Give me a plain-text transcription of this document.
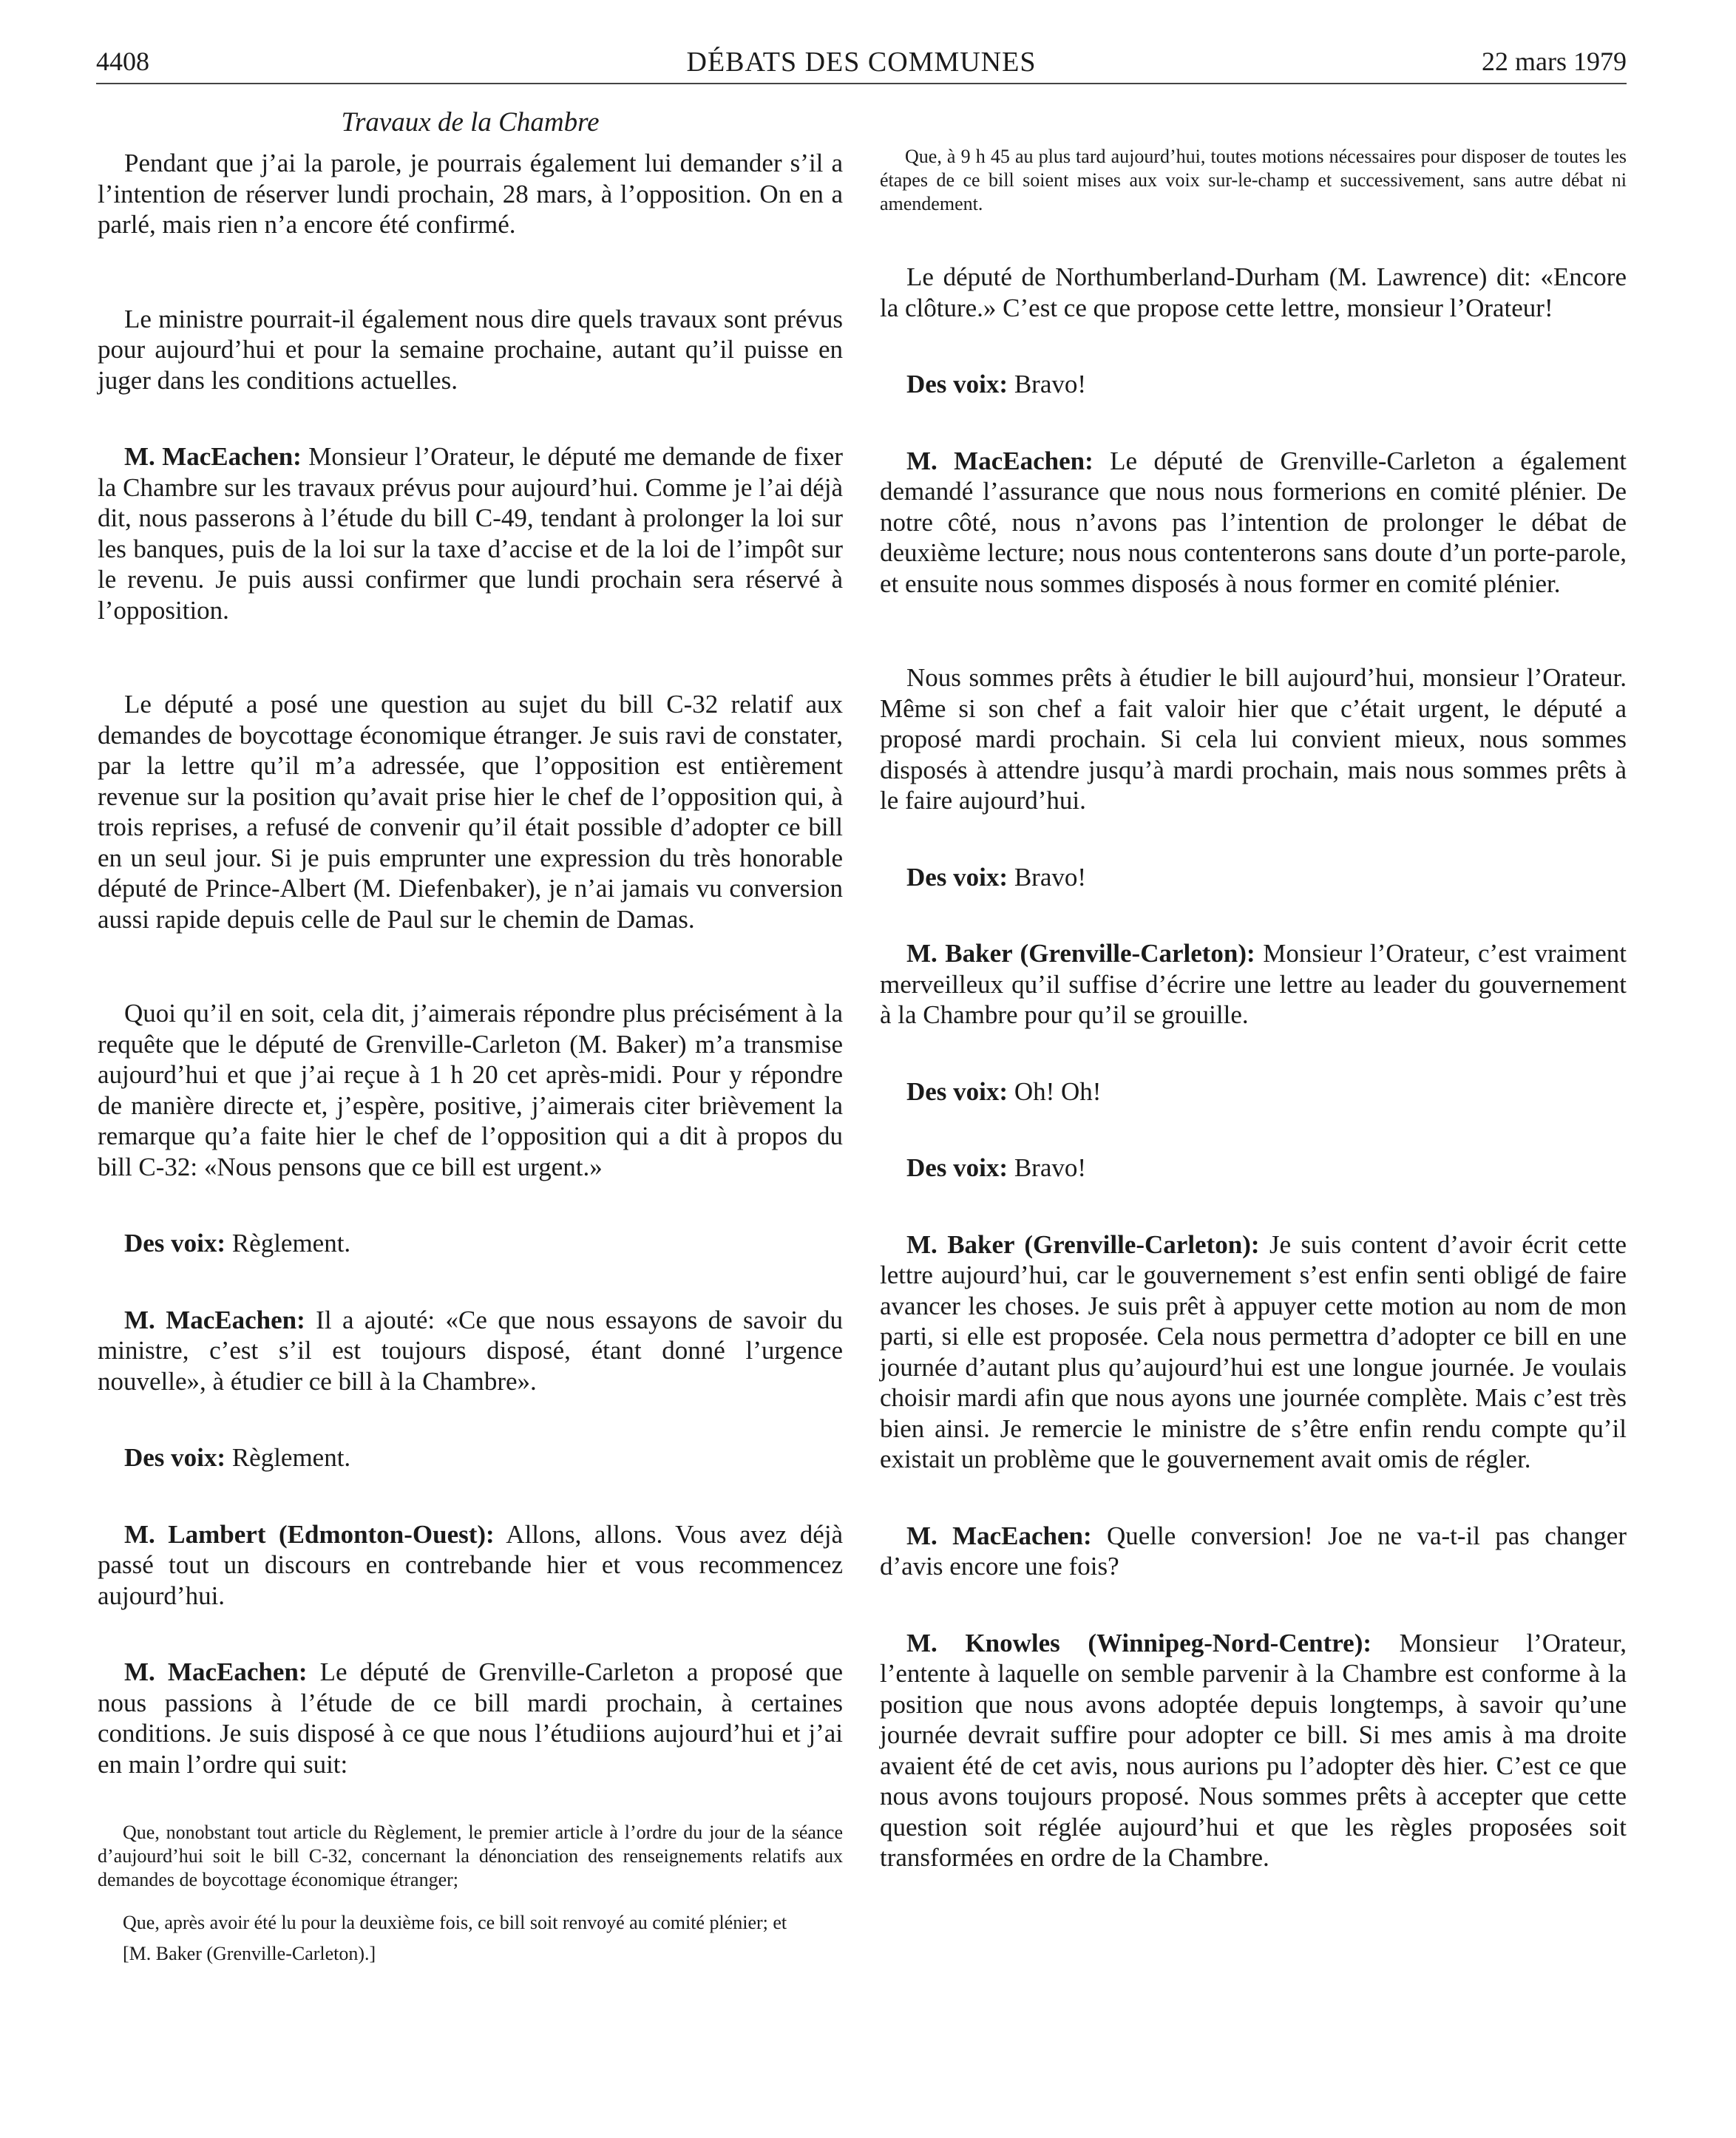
4408	DÉBATS DES COMMUNES	22 mars 1979
Travaux de la Chambre

Pendant que j’ai la parole, je pourrais également lui demander s’il a l’intention de réserver lundi prochain, 28 mars, à l’opposition. On en a parlé, mais rien n’a encore été confirmé.

Le ministre pourrait-il également nous dire quels travaux sont prévus pour aujourd’hui et pour la semaine prochaine, autant qu’il puisse en juger dans les conditions actuelles.

M. MacEachen: Monsieur l’Orateur, le député me demande de fixer la Chambre sur les travaux prévus pour aujourd’hui. Comme je l’ai déjà dit, nous passerons à l’étude du bill C-49, tendant à prolonger la loi sur les banques, puis de la loi sur la taxe d’accise et de la loi de l’impôt sur le revenu. Je puis aussi confirmer que lundi prochain sera réservé à l’opposition.

Le député a posé une question au sujet du bill C-32 relatif aux demandes de boycottage économique étranger. Je suis ravi de constater, par la lettre qu’il m’a adressée, que l’opposition est entièrement revenue sur la position qu’avait prise hier le chef de l’opposition qui, à trois reprises, a refusé de convenir qu’il était possible d’adopter ce bill en un seul jour. Si je puis emprunter une expression du très honorable député de Prince-Albert (M. Diefenbaker), je n’ai jamais vu conversion aussi rapide depuis celle de Paul sur le chemin de Damas.

Quoi qu’il en soit, cela dit, j’aimerais répondre plus précisément à la requête que le député de Grenville-Carleton (M. Baker) m’a transmise aujourd’hui et que j’ai reçue à 1 h 20 cet après-midi. Pour y répondre de manière directe et, j’espère, positive, j’aimerais citer brièvement la remarque qu’a faite hier le chef de l’opposition qui a dit à propos du bill C-32: «Nous pensons que ce bill est urgent.»

Des voix: Règlement.

M. MacEachen: Il a ajouté: «Ce que nous essayons de savoir du ministre, c’est s’il est toujours disposé, étant donné l’urgence nouvelle», à étudier ce bill à la Chambre».

Des voix: Règlement.

M. Lambert (Edmonton-Ouest): Allons, allons. Vous avez déjà passé tout un discours en contrebande hier et vous recommencez aujourd’hui.

M. MacEachen: Le député de Grenville-Carleton a proposé que nous passions à l’étude de ce bill mardi prochain, à certaines conditions. Je suis disposé à ce que nous l’étudiions aujourd’hui et j’ai en main l’ordre qui suit:

Que, nonobstant tout article du Règlement, le premier article à l’ordre du jour de la séance d’aujourd’hui soit le bill C-32, concernant la dénonciation des renseignements relatifs aux demandes de boycottage économique étranger;

Que, après avoir été lu pour la deuxième fois, ce bill soit renvoyé au comité plénier; et

[M. Baker (Grenville-Carleton).]

Que, à 9 h 45 au plus tard aujourd’hui, toutes motions nécessaires pour disposer de toutes les étapes de ce bill soient mises aux voix sur-le-champ et successivement, sans autre débat ni amendement.

Le député de Northumberland-Durham (M. Lawrence) dit: «Encore la clôture.» C’est ce que propose cette lettre, monsieur l’Orateur!

Des voix: Bravo!

M. MacEachen: Le député de Grenville-Carleton a également demandé l’assurance que nous nous formerions en comité plénier. De notre côté, nous n’avons pas l’intention de prolonger le débat de deuxième lecture; nous nous contenterons sans doute d’un porte-parole, et ensuite nous sommes disposés à nous former en comité plénier.

Nous sommes prêts à étudier le bill aujourd’hui, monsieur l’Orateur. Même si son chef a fait valoir hier que c’était urgent, le député a proposé mardi prochain. Si cela lui convient mieux, nous sommes disposés à attendre jusqu’à mardi prochain, mais nous sommes prêts à le faire aujourd’hui.

Des voix: Bravo!

M. Baker (Grenville-Carleton): Monsieur l’Orateur, c’est vraiment merveilleux qu’il suffise d’écrire une lettre au leader du gouvernement à la Chambre pour qu’il se grouille.

Des voix: Oh! Oh!

Des voix: Bravo!

M. Baker (Grenville-Carleton): Je suis content d’avoir écrit cette lettre aujourd’hui, car le gouvernement s’est enfin senti obligé de faire avancer les choses. Je suis prêt à appuyer cette motion au nom de mon parti, si elle est proposée. Cela nous permettra d’adopter ce bill en une journée d’autant plus qu’aujourd’hui est une longue journée. Je voulais choisir mardi afin que nous ayons une journée complète. Mais c’est très bien ainsi. Je remercie le ministre de s’être enfin rendu compte qu’il existait un problème que le gouvernement avait omis de régler.

M. MacEachen: Quelle conversion! Joe ne va-t-il pas changer d’avis encore une fois?

M. Knowles (Winnipeg-Nord-Centre): Monsieur l’Orateur, l’entente à laquelle on semble parvenir à la Chambre est conforme à la position que nous avons adoptée depuis longtemps, à savoir qu’une journée devrait suffire pour adopter ce bill. Si mes amis à ma droite avaient été de cet avis, nous aurions pu l’adopter dès hier. C’est ce que nous avons toujours proposé. Nous sommes prêts à accepter que cette question soit réglée aujourd’hui et que les règles proposées soit transformées en ordre de la Chambre.
